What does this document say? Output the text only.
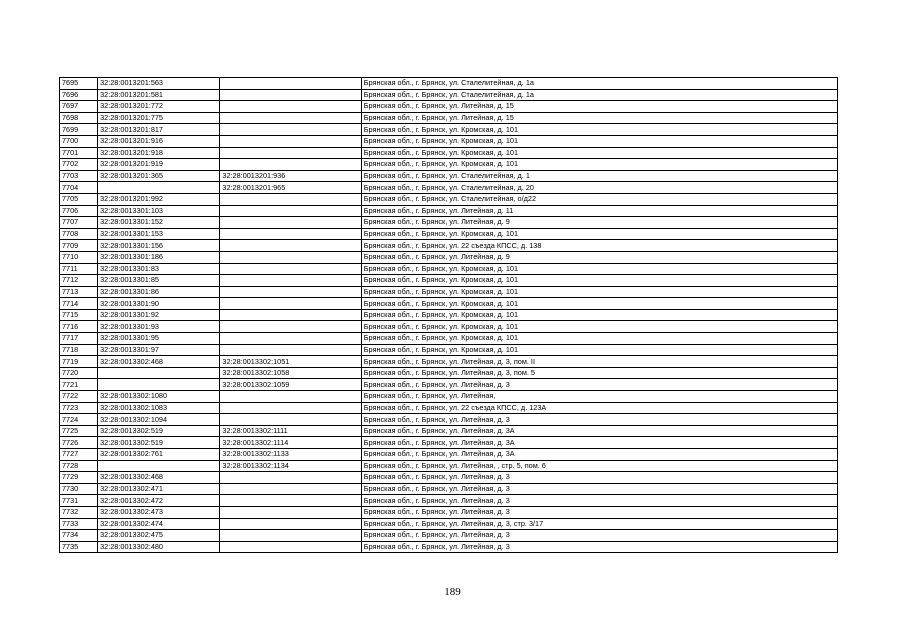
7695	32:28:0013201:563		Брянская обл., г. Брянск, ул. Сталелитейная, д. 1а
7696	32:28:0013201:581		Брянская обл., г. Брянск, ул. Сталелитейная, д. 1а
7697	32:28:0013201:772		Брянская обл., г. Брянск, ул. Литейная, д. 15
7698	32:28:0013201:775		Брянская обл., г. Брянск, ул. Литейная, д. 15
7699	32:28:0013201:817		Брянская обл., г. Брянск, ул. Кромская, д. 101
7700	32:28:0013201:916		Брянская обл., г. Брянск, ул. Кромская, д. 101
7701	32:28:0013201:918		Брянская обл., г. Брянск, ул. Кромская, д. 101
7702	32:28:0013201:919		Брянская обл., г. Брянск, ул. Кромская, д. 101
7703	32:28:0013201:365	32:28:0013201:936	Брянская обл., г. Брянск, ул. Сталелитейная, д. 1
7704		32:28:0013201:965	Брянская обл., г. Брянск, ул. Сталелитейная, д. 20
7705	32:28:0013201:992		Брянская обл., г. Брянск, ул. Сталелитейная, о/д22
7706	32:28:0013301:103		Брянская обл., г. Брянск, ул. Литейная, д. 11
7707	32:28:0013301:152		Брянская обл., г. Брянск, ул. Литейная, д. 9
7708	32:28:0013301:153		Брянская обл., г. Брянск, ул. Кромская, д. 101
7709	32:28:0013301:156		Брянская обл., г. Брянск, ул. 22 съезда КПСС, д. 138
7710	32:28:0013301:186		Брянская обл., г. Брянск, ул. Литейная, д. 9
7711	32:28:0013301:83		Брянская обл., г. Брянск, ул. Кромская, д. 101
7712	32:28:0013301:85		Брянская обл., г. Брянск, ул. Кромская, д. 101
7713	32:28:0013301:86		Брянская обл., г. Брянск, ул. Кромская, д. 101
7714	32:28:0013301:90		Брянская обл., г. Брянск, ул. Кромская, д. 101
7715	32:28:0013301:92		Брянская обл., г. Брянск, ул. Кромская, д. 101
7716	32:28:0013301:93		Брянская обл., г. Брянск, ул. Кромская, д. 101
7717	32:28:0013301:95		Брянская обл., г. Брянск, ул. Кромская, д. 101
7718	32:28:0013301:97		Брянская обл., г. Брянск, ул. Кромская, д. 101
7719	32:28:0013302:468	32:28:0013302:1051	Брянская обл., г. Брянск, ул. Литейная, д. 3, пом. II
7720		32:28:0013302:1058	Брянская обл., г. Брянск, ул. Литейная, д. 3, пом. 5
7721		32:28:0013302:1059	Брянская обл., г. Брянск, ул. Литейная, д. 3
7722	32:28:0013302:1080		Брянская обл., г. Брянск, ул. Литейная,
7723	32:28:0013302:1083		Брянская обл., г. Брянск, ул. 22 съезда КПСС, д. 123А
7724	32:28:0013302:1094		Брянская обл., г. Брянск, ул. Литейная, д. 3
7725	32:28:0013302:519	32:28:0013302:1111	Брянская обл., г. Брянск, ул. Литейная, д. 3А
7726	32:28:0013302:519	32:28:0013302:1114	Брянская обл., г. Брянск, ул. Литейная, д. 3А
7727	32:28:0013302:761	32:28:0013302:1133	Брянская обл., г. Брянск, ул. Литейная, д. 3А
7728		32:28:0013302:1134	Брянская обл., г. Брянск, ул. Литейная, , стр. 5, пом. 6
7729	32:28:0013302:468		Брянская обл., г. Брянск, ул. Литейная, д. 3
7730	32:28:0013302:471		Брянская обл., г. Брянск, ул. Литейная, д. 3
7731	32:28:0013302:472		Брянская обл., г. Брянск, ул. Литейная, д. 3
7732	32:28:0013302:473		Брянская обл., г. Брянск, ул. Литейная, д. 3
7733	32:28:0013302:474		Брянская обл., г. Брянск, ул. Литейная, д. 3, стр. 3/17
7734	32:28:0013302:475		Брянская обл., г. Брянск, ул. Литейная, д. 3
7735	32:28:0013302:480		Брянская обл., г. Брянск, ул. Литейная, д. 3
189
